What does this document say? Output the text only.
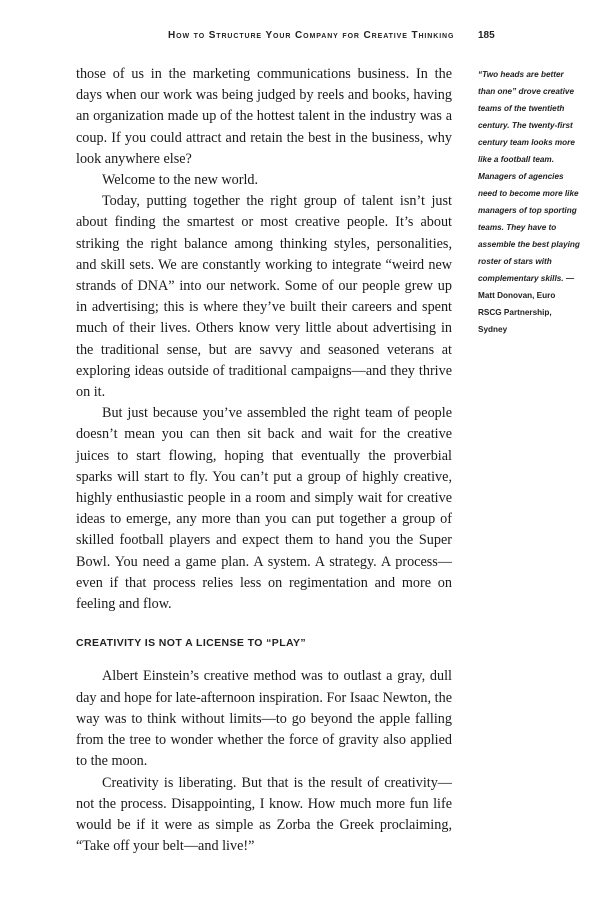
How to Structure Your Company for Creative Thinking 185

those of us in the marketing communications business. In the days when our work was being judged by reels and books, having an organization made up of the hottest talent in the industry was a coup. If you could attract and retain the best in the business, why look anywhere else?

Welcome to the new world.

Today, putting together the right group of talent isn’t just about finding the smartest or most creative people. It’s about striking the right balance among thinking styles, personalities, and skill sets. We are constantly working to integrate “weird new strands of DNA” into our network. Some of our people grew up in advertising; this is where they’ve built their careers and spent much of their lives. Others know very little about advertising in the traditional sense, but are savvy and seasoned veterans at exploring ideas outside of traditional campaigns—and they thrive on it.

But just because you’ve assembled the right team of people doesn’t mean you can then sit back and wait for the creative juices to start flowing, hoping that eventually the proverbial sparks will start to fly. You can’t put a group of highly creative, highly enthusiastic people in a room and simply wait for creative ideas to emerge, any more than you can put together a group of skilled football players and expect them to hand you the Super Bowl. You need a game plan. A system. A strategy. A process—even if that process relies less on regimentation and more on feeling and flow.

CREATIVITY IS NOT A LICENSE TO “PLAY”

Albert Einstein’s creative method was to outlast a gray, dull day and hope for late-afternoon inspiration. For Isaac Newton, the way was to think without limits—to go beyond the apple falling from the tree to wonder whether the force of gravity also applied to the moon.

Creativity is liberating. But that is the result of creativity—not the process. Disappointing, I know. How much more fun life would be if it were as simple as Zorba the Greek proclaiming, “Take off your belt—and live!”

“Two heads are better than one” drove creative teams of the twentieth century. The twenty-first century team looks more like a football team. Managers of agencies need to become more like managers of top sporting teams. They have to assemble the best playing roster of stars with complementary skills. —Matt Donovan, Euro RSCG Partnership, Sydney
